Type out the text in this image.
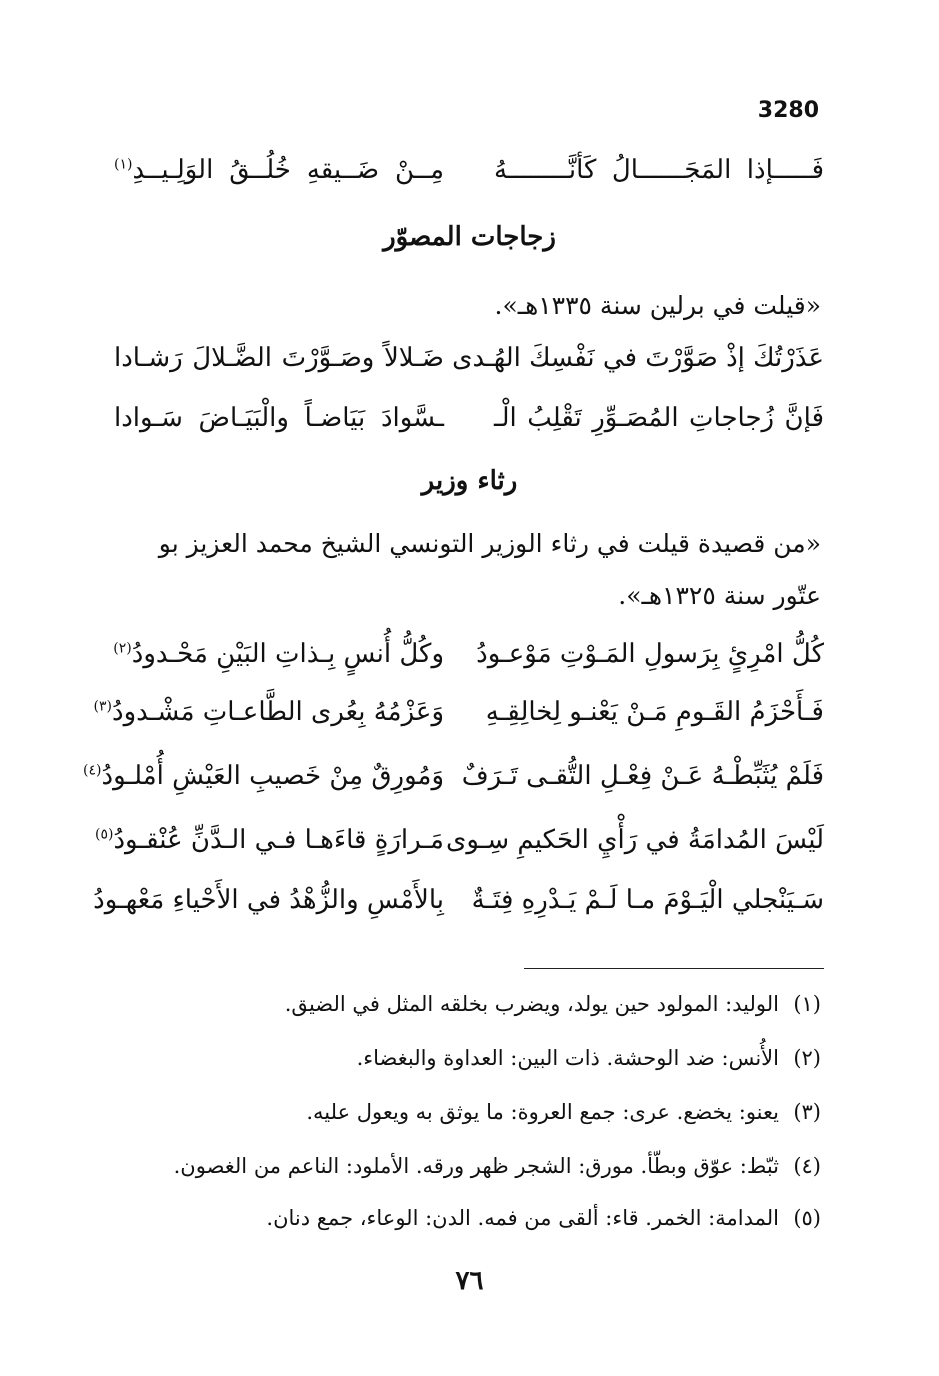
3280
فَـــــإذا المَجَــــــالُ كَأنَّــــــــهُ
مِــنْ ضَــيقهِ خُلُــقُ الوَلِـيــدِ$^{(١)}$
زجاجات المصوّر
«قيلت في برلين سنة ١٣٣٥هـ».
عَذَرْتُكَ إذْ صَوَّرْتَ في نَفْسِكَ الهُـدى
ضَـلالاً وصَـوَّرْتَ الضَّـلالَ رَشـادا
فَإنَّ زُجاجاتِ المُصَـوِّرِ تَقْلِبُ الْـ
ـسَّوادَ بَيَاضـاً والْبَيَـاضَ سَـوادا
رثاء وزير
«من قصيدة قيلت في رثاء الوزير التونسي الشيخ محمد العزيز بو عتّور سنة ١٣٢٥هـ».
كُلُّ امْرِئٍ بِرَسولِ المَـوْتِ مَوْعـودُ
وكُلُّ أُنسٍ بِـذاتِ البَيْنِ مَحْـدودُ$^{(٢)}$
فَـأَحْزَمُ القَـومِ مَـنْ يَعْنـو لِخالِقِـهِ
وَعَزْمُهُ بِعُرى الطَّاعـاتِ مَشْـدودُ$^{(٣)}$
فَلَمْ يُثَبِّطْـهُ عَـنْ فِعْـلِ التُّقـى تَـرَفٌ
وَمُورِقٌ مِنْ خَصيبِ العَيْشِ أُمْلـودُ$^{(٤)}$
لَيْسَ المُدامَةُ في رَأْيِ الحَكيمِ سِـوى
مَـرارَةٍ قاءَهـا فـي الـدَّنِّ عُنْقـودُ$^{(٥)}$
سَـيَنْجلي الْيَـوْمَ مـا لَـمْ يَـدْرِهِ فِتَـةٌ
بِالأَمْسِ والزُّهْدُ في الأَحْياءِ مَعْهـودُ
(١)الوليد: المولود حين يولد، ويضرب بخلقه المثل في الضيق.
(٢)الأُنس: ضد الوحشة. ذات البين: العداوة والبغضاء.
(٣)يعنو: يخضع. عرى: جمع العروة: ما يوثق به ويعول عليه.
(٤)ثبّط: عوّق وبطّأ. مورق: الشجر ظهر ورقه. الأملود: الناعم من الغصون.
(٥)المدامة: الخمر. قاء: ألقى من فمه. الدن: الوعاء، جمع دنان.
٧٦
